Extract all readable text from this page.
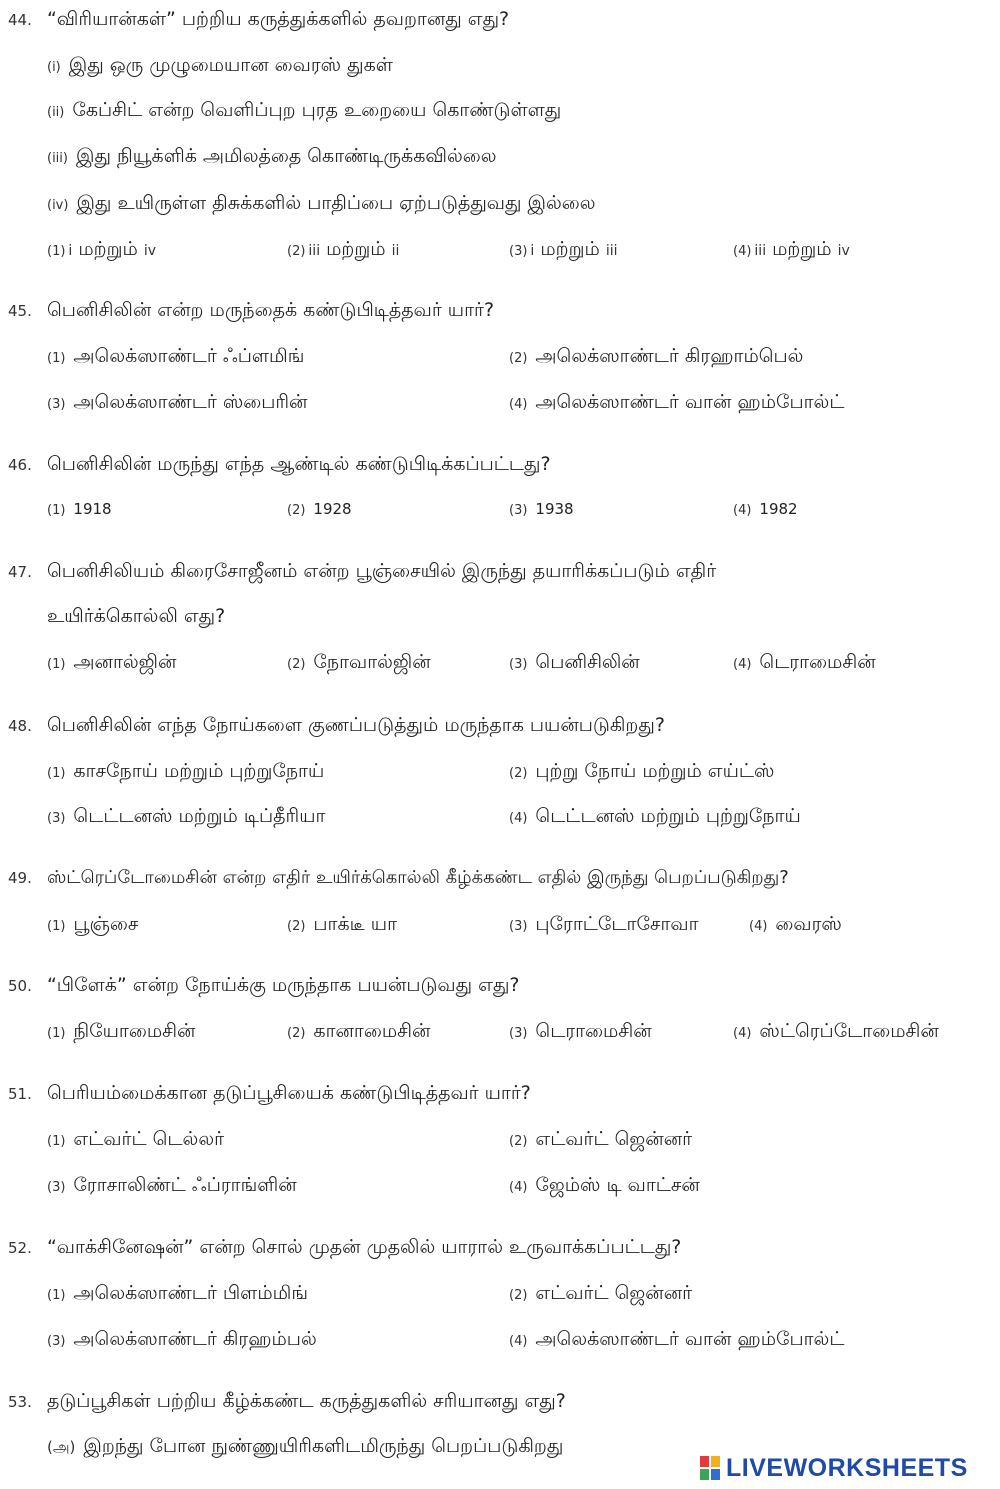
44. “விரியான்கள்” பற்றிய கருத்துக்களில் தவறானது எது?
(i) இது ஒரு முழுமையான வைரஸ் துகள்
(ii) கேப்சிட் என்ற வெளிப்புற புரத உறையை கொண்டுள்ளது
(iii) இது நியூக்ளிக் அமிலத்தை கொண்டிருக்கவில்லை
(iv) இது உயிருள்ள திசுக்களில் பாதிப்பை ஏற்படுத்துவது இல்லை
(1) i மற்றும் iv	(2) iii மற்றும் ii	(3) i மற்றும் iii	(4) iii மற்றும் iv
45. பெனிசிலின் என்ற மருந்தைக் கண்டுபிடித்தவர் யார்?
(1) அலெக்ஸாண்டர் ஃப்ளமிங்	(2) அலெக்ஸாண்டர் கிரஹாம்பெல்
(3) அலெக்ஸாண்டர் ஸ்பைரின்	(4) அலெக்ஸாண்டர் வான் ஹம்போல்ட்
46. பெனிசிலின் மருந்து எந்த ஆண்டில் கண்டுபிடிக்கப்பட்டது?
(1) 1918	(2) 1928	(3) 1938	(4) 1982
47. பெனிசிலியம் கிரைசோஜீனம் என்ற பூஞ்சையில் இருந்து தயாரிக்கப்படும் எதிர்
உயிர்க்கொல்லி எது?
(1) அனால்ஜின்	(2) நோவால்ஜின்	(3) பெனிசிலின்	(4) டெராமைசின்
48. பெனிசிலின் எந்த நோய்களை குணப்படுத்தும் மருந்தாக பயன்படுகிறது?
(1) காசநோய் மற்றும் புற்றுநோய்	(2) புற்று நோய் மற்றும் எய்ட்ஸ்
(3) டெட்டனஸ் மற்றும் டிப்தீரியா	(4) டெட்டனஸ் மற்றும் புற்றுநோய்
49. ஸ்ட்ரெப்டோமைசின் என்ற எதிர் உயிர்க்கொல்லி கீழ்க்கண்ட எதில் இருந்து பெறப்படுகிறது?
(1) பூஞ்சை	(2) பாக்டீ யா	(3) புரோட்டோசோவா	(4) வைரஸ்
50. “பிளேக்” என்ற நோய்க்கு மருந்தாக பயன்படுவது எது?
(1) நியோமைசின்	(2) கானாமைசின்	(3) டெராமைசின்	(4) ஸ்ட்ரெப்டோமைசின்
51. பெரியம்மைக்கான தடுப்பூசியைக் கண்டுபிடித்தவர் யார்?
(1) எட்வர்ட் டெல்லர்	(2) எட்வர்ட் ஜென்னர்
(3) ரோசாலிண்ட் ஃப்ராங்ளின்	(4) ஜேம்ஸ் டி வாட்சன்
52. “வாக்சினேஷன்” என்ற சொல் முதன் முதலில் யாரால் உருவாக்கப்பட்டது?
(1) அலெக்ஸாண்டர் பிளம்மிங்	(2) எட்வர்ட் ஜென்னர்
(3) அலெக்ஸாண்டர் கிரஹம்பல்	(4) அலெக்ஸாண்டர் வான் ஹம்போல்ட்
53. தடுப்பூசிகள் பற்றிய கீழ்க்கண்ட கருத்துகளில் சரியானது எது?
(அ) இறந்து போன நுண்ணுயிரிகளிடமிருந்து பெறப்படுகிறது
LIVEWORKSHEETS
